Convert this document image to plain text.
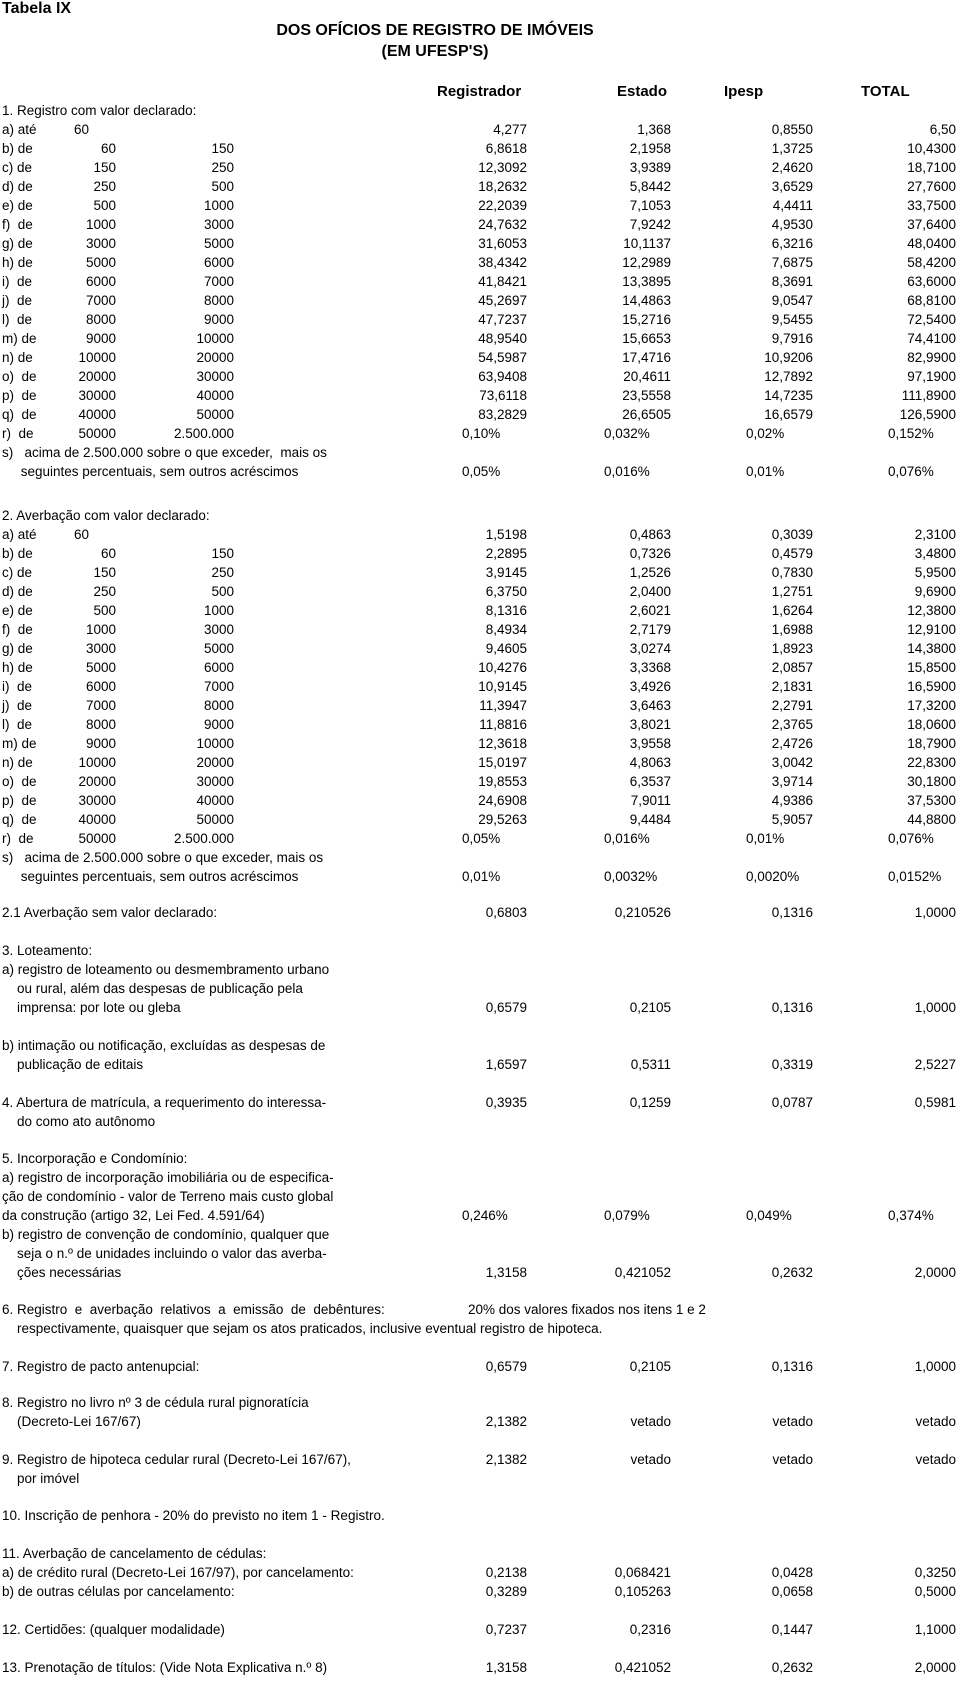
Tabela IX
DOS OFÍCIOS DE REGISTRO DE IMÓVEIS
(EM UFESP'S)
Registrador	Estado	Ipesp	TOTAL
1. Registro com valor declarado:
a) até	60	4,277	1,368	0,8550	6,50
b) de	60	150	6,8618	2,1958	1,3725	10,4300
c) de	150	250	12,3092	3,9389	2,4620	18,7100
d) de	250	500	18,2632	5,8442	3,6529	27,7600
e) de	500	1000	22,2039	7,1053	4,4411	33,7500
f)  de	1000	3000	24,7632	7,9242	4,9530	37,6400
g) de	3000	5000	31,6053	10,1137	6,3216	48,0400
h) de	5000	6000	38,4342	12,2989	7,6875	58,4200
i)  de	6000	7000	41,8421	13,3895	8,3691	63,6000
j)  de	7000	8000	45,2697	14,4863	9,0547	68,8100
l)  de	8000	9000	47,7237	15,2716	9,5455	72,5400
m) de	9000	10000	48,9540	15,6653	9,7916	74,4100
n) de	10000	20000	54,5987	17,4716	10,9206	82,9900
o)  de	20000	30000	63,9408	20,4611	12,7892	97,1900
p)  de	30000	40000	73,6118	23,5558	14,7235	111,8900
q)  de	40000	50000	83,2829	26,6505	16,6579	126,5900
r)  de	50000	2.500.000	0,10%	0,032%	0,02%	0,152%
s)   acima de 2.500.000 sobre o que exceder,  mais os
seguintes percentuais, sem outros acréscimos	0,05%	0,016%	0,01%	0,076%
2. Averbação com valor declarado:
a) até	60	1,5198	0,4863	0,3039	2,3100
b) de	60	150	2,2895	0,7326	0,4579	3,4800
c) de	150	250	3,9145	1,2526	0,7830	5,9500
d) de	250	500	6,3750	2,0400	1,2751	9,6900
e) de	500	1000	8,1316	2,6021	1,6264	12,3800
f)  de	1000	3000	8,4934	2,7179	1,6988	12,9100
g) de	3000	5000	9,4605	3,0274	1,8923	14,3800
h) de	5000	6000	10,4276	3,3368	2,0857	15,8500
i)  de	6000	7000	10,9145	3,4926	2,1831	16,5900
j)  de	7000	8000	11,3947	3,6463	2,2791	17,3200
l)  de	8000	9000	11,8816	3,8021	2,3765	18,0600
m) de	9000	10000	12,3618	3,9558	2,4726	18,7900
n) de	10000	20000	15,0197	4,8063	3,0042	22,8300
o)  de	20000	30000	19,8553	6,3537	3,9714	30,1800
p)  de	30000	40000	24,6908	7,9011	4,9386	37,5300
q)  de	40000	50000	29,5263	9,4484	5,9057	44,8800
r)  de	50000	2.500.000	0,05%	0,016%	0,01%	0,076%
s)   acima de 2.500.000 sobre o que exceder, mais os
seguintes percentuais, sem outros acréscimos	0,01%	0,0032%	0,0020%	0,0152%
2.1 Averbação sem valor declarado:	0,6803	0,210526	0,1316	1,0000
3. Loteamento:
a) registro de loteamento ou desmembramento urbano
ou rural, além das despesas de publicação pela
imprensa: por lote ou gleba	0,6579	0,2105	0,1316	1,0000
b) intimação ou notificação, excluídas as despesas de
publicação de editais	1,6597	0,5311	0,3319	2,5227
4. Abertura de matrícula, a requerimento do interessa-
do como ato autônomo
0,3935	0,1259	0,0787	0,5981
5. Incorporação e Condomínio:
a) registro de incorporação imobiliária ou de especifica-
ção de condomínio - valor de Terreno mais custo global
da construção (artigo 32, Lei Fed. 4.591/64)	0,246%	0,079%	0,049%	0,374%
b) registro de convenção de condomínio, qualquer que
seja o n.º de unidades incluindo o valor das averba-
ções necessárias	1,3158	0,421052	0,2632	2,0000
6. Registro  e  averbação  relativos  a  emissão  de  debêntures:	20% dos valores fixados nos itens 1 e 2
respectivamente, quaisquer que sejam os atos praticados, inclusive eventual registro de hipoteca.
7. Registro de pacto antenupcial:	0,6579	0,2105	0,1316	1,0000
8. Registro no livro nº 3 de cédula rural pignoratícia
(Decreto-Lei 167/67)	2,1382	vetado	vetado	vetado
9. Registro de hipoteca cedular rural (Decreto-Lei 167/67),
por imóvel
2,1382	vetado	vetado	vetado
10. Inscrição de penhora - 20% do previsto no item 1 - Registro.
11. Averbação de cancelamento de cédulas:
a) de crédito rural (Decreto-Lei 167/97), por cancelamento:	0,2138	0,068421	0,0428	0,3250
b) de outras células por cancelamento:	0,3289	0,105263	0,0658	0,5000
12. Certidões: (qualquer modalidade)	0,7237	0,2316	0,1447	1,1000
13. Prenotação de títulos: (Vide Nota Explicativa n.º 8)	1,3158	0,421052	0,2632	2,0000
